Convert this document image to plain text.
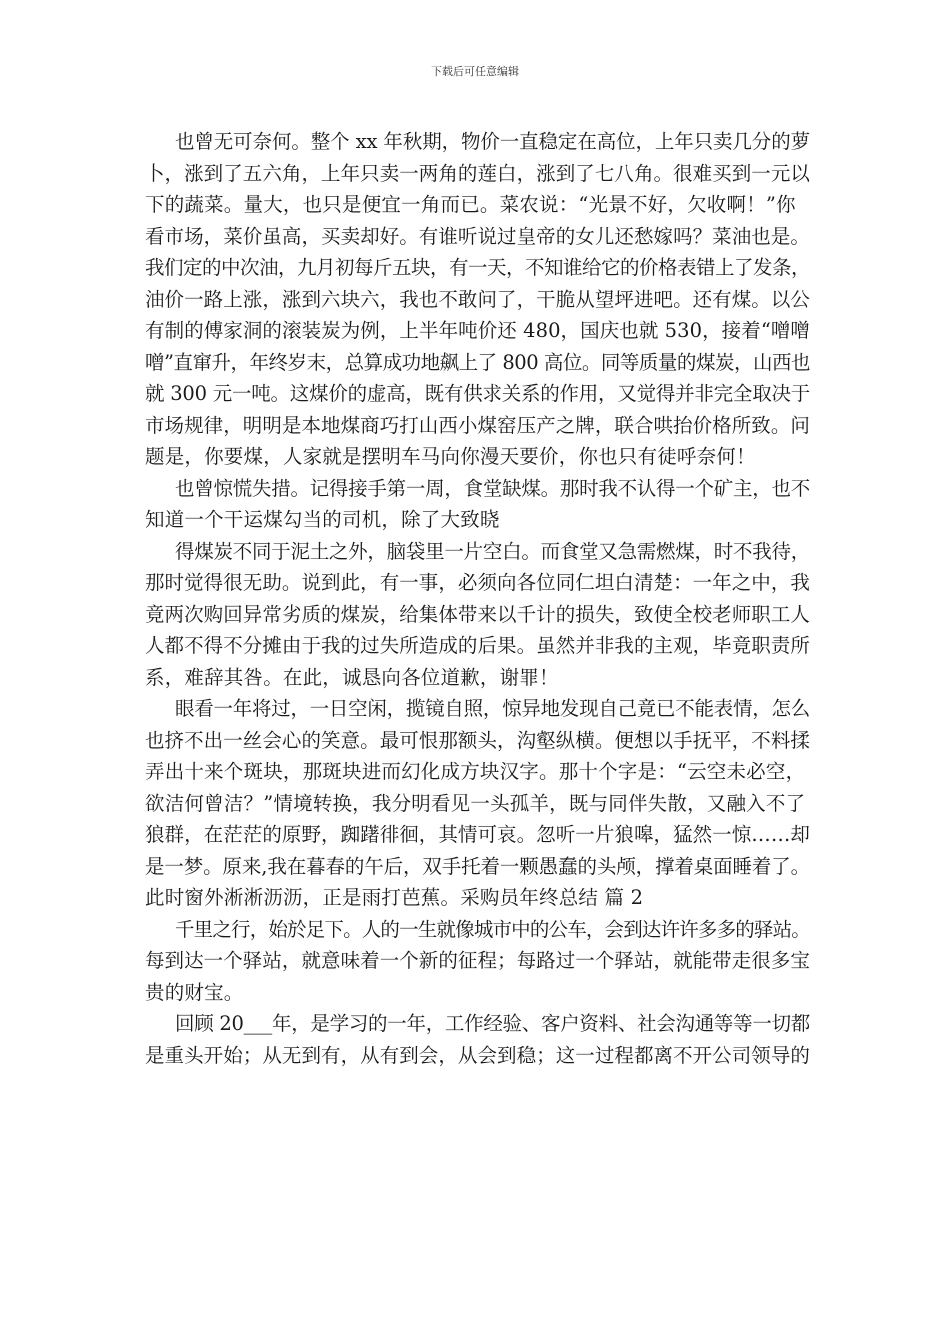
下载后可任意编辑
也曾无可奈何。整个 xx 年秋期，物价一直稳定在高位，上年只卖几分的萝
卜，涨到了五六角，上年只卖一两角的莲白，涨到了七八角。很难买到一元以
下的蔬菜。量大，也只是便宜一角而已。菜农说：“光景不好，欠收啊！”你
看市场，菜价虽高，买卖却好。有谁听说过皇帝的女儿还愁嫁吗？菜油也是。
我们定的中次油，九月初每斤五块，有一天，不知谁给它的价格表错上了发条，
油价一路上涨，涨到六块六，我也不敢问了，干脆从望坪进吧。还有煤。以公
有制的傅家洞的滚装炭为例，上半年吨价还 480，国庆也就 530，接着“噌噌
噌”直窜升，年终岁末，总算成功地飙上了 800 高位。同等质量的煤炭，山西也
就 300 元一吨。这煤价的虚高，既有供求关系的作用，又觉得并非完全取决于
市场规律，明明是本地煤商巧打山西小煤窑压产之牌，联合哄抬价格所致。问
题是，你要煤，人家就是摆明车马向你漫天要价，你也只有徒呼奈何！
也曾惊慌失措。记得接手第一周，食堂缺煤。那时我不认得一个矿主，也不
知道一个干运煤勾当的司机，除了大致晓
得煤炭不同于泥土之外，脑袋里一片空白。而食堂又急需燃煤，时不我待，
那时觉得很无助。说到此，有一事，必须向各位同仁坦白清楚：一年之中，我
竟两次购回异常劣质的煤炭，给集体带来以千计的损失，致使全校老师职工人
人都不得不分摊由于我的过失所造成的后果。虽然并非我的主观，毕竟职责所
系，难辞其咎。在此，诚恳向各位道歉，谢罪！
眼看一年将过，一日空闲，揽镜自照，惊异地发现自己竟已不能表情，怎么
也挤不出一丝会心的笑意。最可恨那额头，沟壑纵横。便想以手抚平，不料揉
弄出十来个斑块，那斑块进而幻化成方块汉字。那十个字是：“云空未必空，
欲洁何曾洁？”情境转换，我分明看见一头孤羊，既与同伴失散，又融入不了
狼群，在茫茫的原野，踟躇徘徊，其情可哀。忽听一片狼嗥，猛然一惊……却
是一梦。原来,我在暮春的午后，双手托着一颗愚蠢的头颅，撑着桌面睡着了。
此时窗外淅淅沥沥，正是雨打芭蕉。采购员年终总结 篇 2
千里之行，始於足下。人的一生就像城市中的公车，会到达许许多多的驿站。
每到达一个驿站，就意味着一个新的征程；每路过一个驿站，就能带走很多宝
贵的财宝。
回顾 20___年，是学习的一年，工作经验、客户资料、社会沟通等等一切都
是重头开始；从无到有，从有到会，从会到稳；这一过程都离不开公司领导的
